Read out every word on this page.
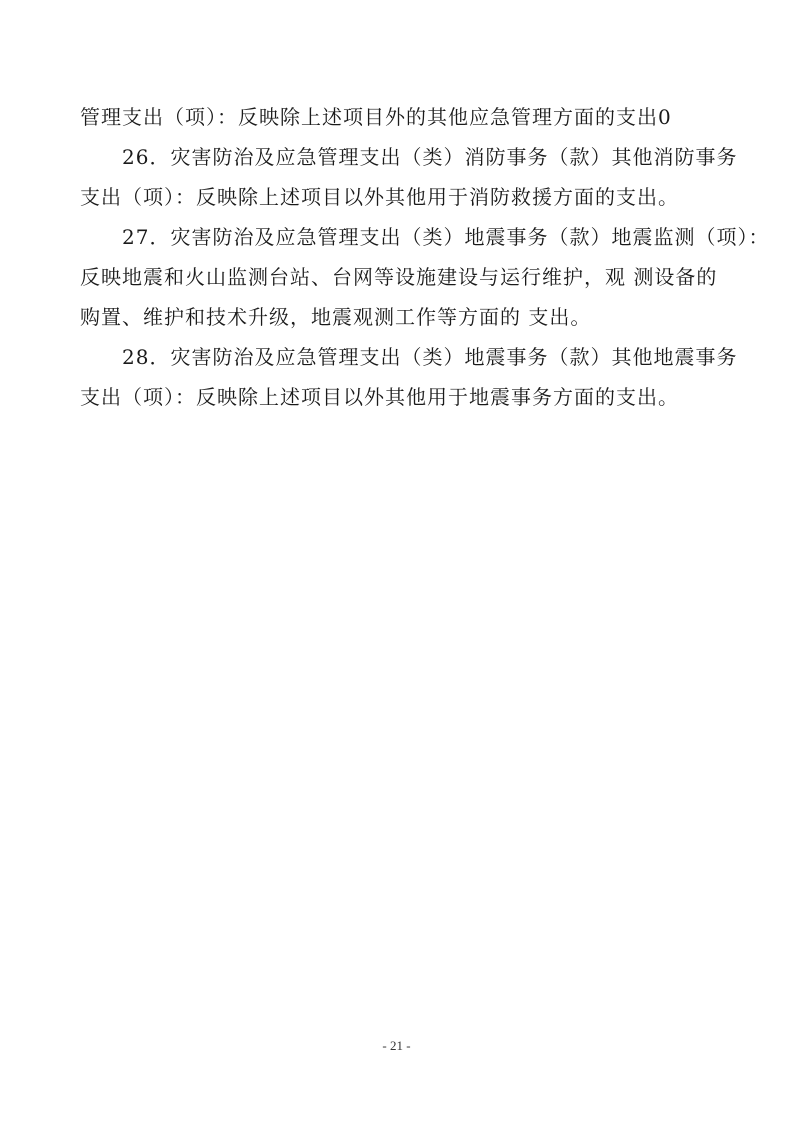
管理支出（项）：反映除上述项目外的其他应急管理方面的支出0

26．灾害防治及应急管理支出（类）消防事务（款）其他消防事务
支出（项）：反映除上述项目以外其他用于消防救援方面的支出。

27．灾害防治及应急管理支出（类）地震事务（款）地震监测（项）：
反映地震和火山监测台站、台网等设施建设与运行维护，观 测设备的
购置、维护和技术升级，地震观测工作等方面的 支出。

28．灾害防治及应急管理支出（类）地震事务（款）其他地震事务
支出（项）：反映除上述项目以外其他用于地震事务方面的支出。

- 21 -
